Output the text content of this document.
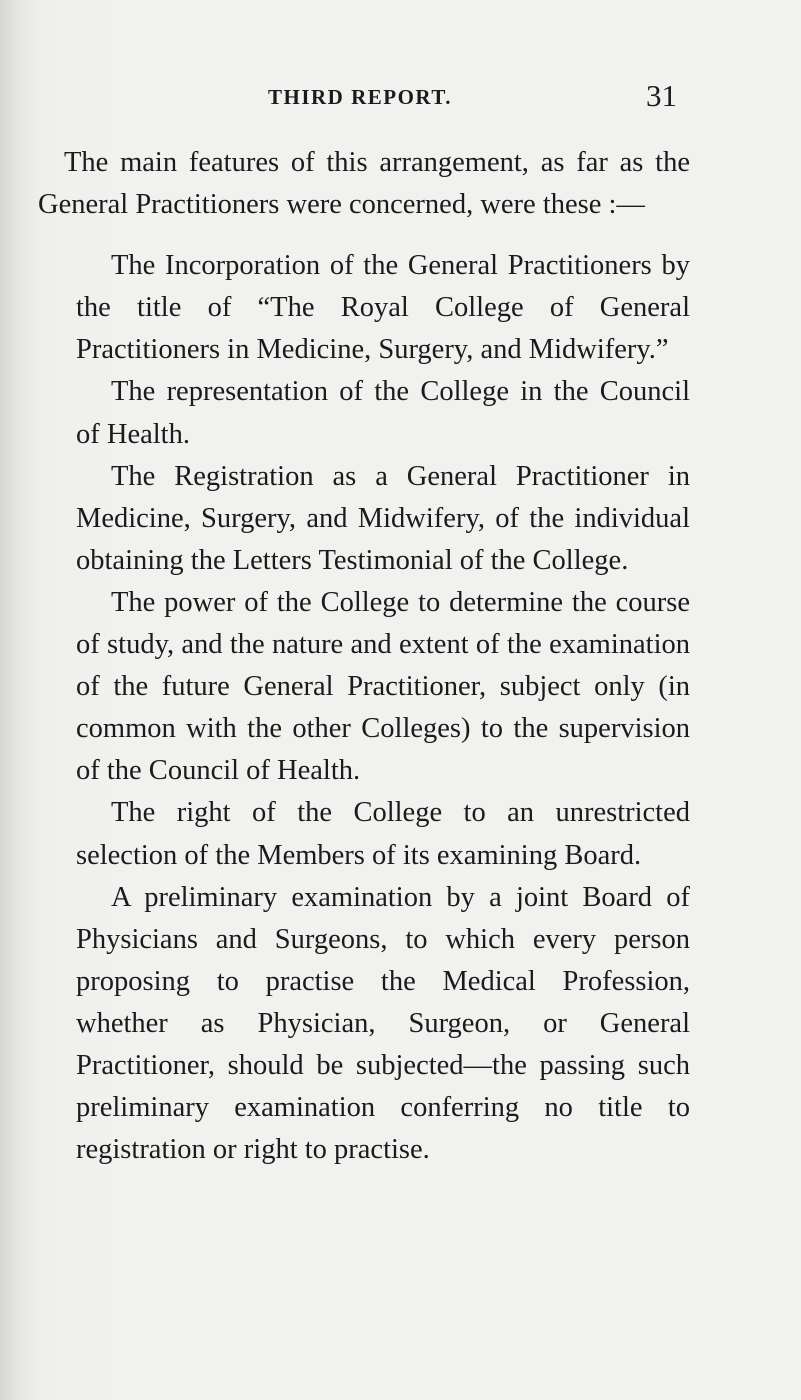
THIRD REPORT.	31

The main features of this arrangement, as far as the General Practitioners were concerned, were these :—

The Incorporation of the General Practitioners by the title of “The Royal College of General Practitioners in Medicine, Surgery, and Midwifery.”

The representation of the College in the Council of Health.

The Registration as a General Practitioner in Medicine, Surgery, and Midwifery, of the individual obtaining the Letters Testimonial of the College.

The power of the College to determine the course of study, and the nature and extent of the examination of the future General Practitioner, subject only (in common with the other Colleges) to the supervision of the Council of Health.

The right of the College to an unrestricted selection of the Members of its examining Board.

A preliminary examination by a joint Board of Physicians and Surgeons, to which every person proposing to practise the Medical Profession, whether as Physician, Surgeon, or General Practitioner, should be subjected—the passing such preliminary examination conferring no title to registration or right to practise.
